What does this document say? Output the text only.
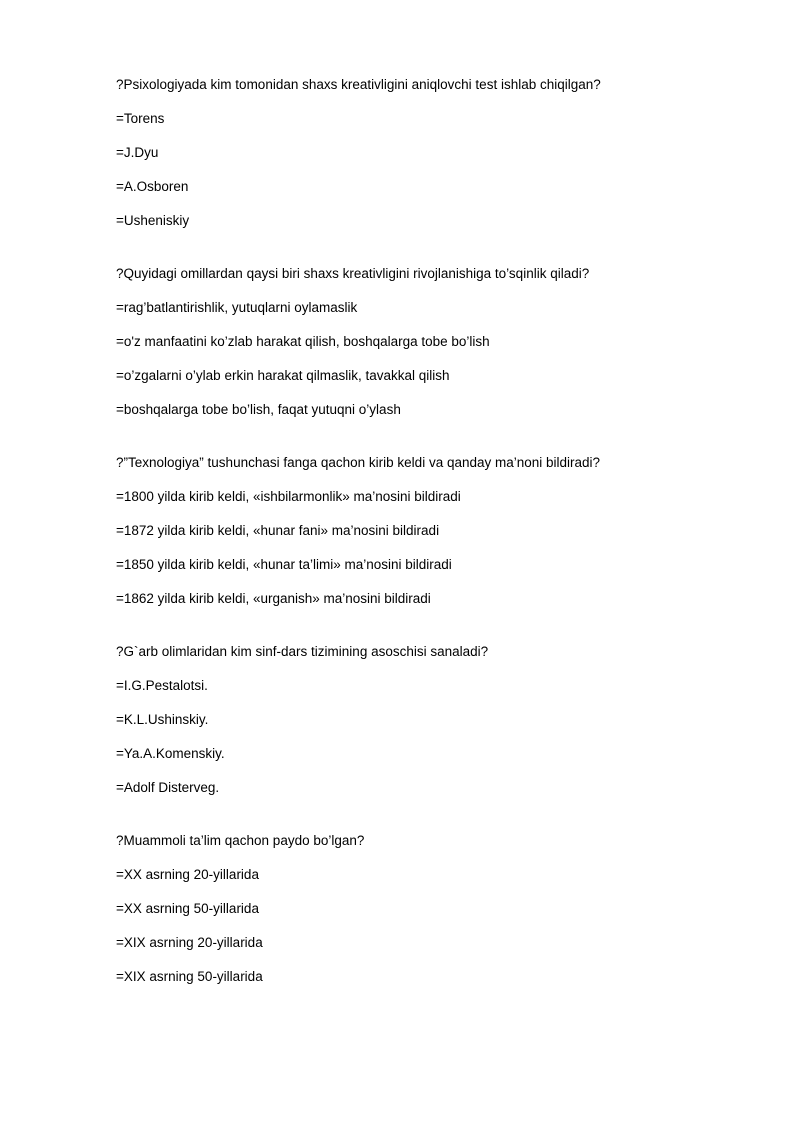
?Psixologiyada kim tomonidan shaxs kreativligini aniqlovchi test ishlab chiqilgan?
=Torens
=J.Dyu
=A.Osboren
=Usheniskiy
?Quyidagi omillardan qaysi biri shaxs kreativligini rivojlanishiga to’sqinlik qiladi?
=rag’batlantirishlik, yutuqlarni oylamaslik
=o'z manfaatini ko’zlab harakat qilish, boshqalarga tobe bo’lish
=o’zgalarni o’ylab erkin harakat qilmaslik, tavakkal qilish
=boshqalarga tobe bo’lish, faqat yutuqni o’ylash
?”Texnologiya” tushunchasi fanga qachon kirib keldi va qanday ma’noni bildiradi?
=1800 yilda kirib keldi, «ishbilarmonlik» ma’nosini bildiradi
=1872 yilda kirib keldi, «hunar fani» ma’nosini bildiradi
=1850 yilda kirib keldi, «hunar ta’limi» ma’nosini bildiradi
=1862 yilda kirib keldi, «urganish» ma’nosini bildiradi
?G`arb olimlaridan kim sinf-dars tizimining asoschisi sanaladi?
=I.G.Pestalotsi.
=K.L.Ushinskiy.
=Ya.A.Komenskiy.
=Adolf Disterveg.
?Muammoli ta’lim qachon paydo bo’lgan?
=XX asrning 20-yillarida
=XX asrning 50-yillarida
=XIX asrning 20-yillarida
=XIX asrning 50-yillarida
